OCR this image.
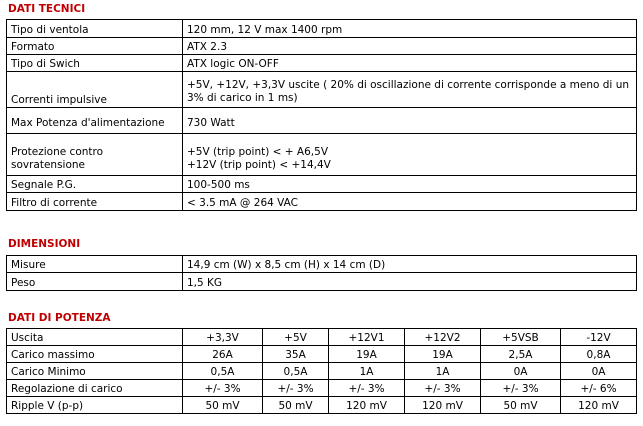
DATI TECNICI
Tipo di ventola	120 mm, 12 V max 1400 rpm
Formato	ATX 2.3
Tipo di Swich	ATX logic ON-OFF
Correnti impulsive	+5V, +12V, +3,3V uscite ( 20% di oscillazione di corrente corrisponde a meno di un 3% di carico in 1 ms)
Max Potenza d'alimentazione	730 Watt
Protezione contro sovratensione	+5V (trip point) < + A6,5V
+12V (trip point) < +14,4V

Segnale P.G.	100-500 ms
Filtro di corrente	< 3.5 mA @ 264 VAC
DIMENSIONI
Misure	14,9 cm (W) x 8,5 cm (H) x 14 cm (D)
Peso	1,5 KG
DATI DI POTENZA
Uscita	+3,3V	+5V	+12V1	+12V2	+5VSB	-12V
Carico massimo	26A	35A	19A	19A	2,5A	0,8A
Carico Minimo	0,5A	0,5A	1A	1A	0A	0A
Regolazione di carico	+/- 3%	+/- 3%	+/- 3%	+/- 3%	+/- 3%	+/- 6%
Ripple V (p-p)	50 mV	50 mV	120 mV	120 mV	50 mV	120 mV
